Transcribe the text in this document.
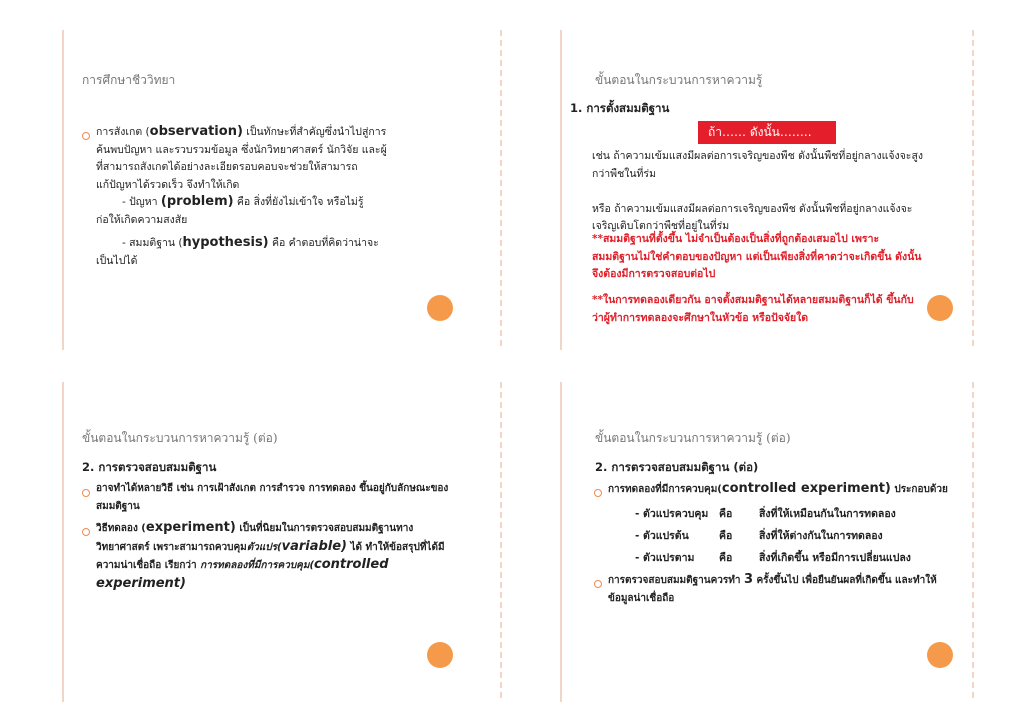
การศึกษาชีววิทยา
การสังเกต (observation) เป็นทักษะที่สำคัญซึ่งนำไปสู่การ
ค้นพบปัญหา และรวบรวมข้อมูล ซึ่งนักวิทยาศาสตร์ นักวิจัย และผู้
ที่สามารถสังเกตได้อย่างละเอียดรอบคอบจะช่วยให้สามารถ
แก้ปัญหาได้รวดเร็ว จึงทำให้เกิด
- ปัญหา (problem) คือ สิ่งที่ยังไม่เข้าใจ หรือไม่รู้
ก่อให้เกิดความสงสัย
- สมมติฐาน (hypothesis) คือ คำตอบที่คิดว่าน่าจะ
เป็นไปได้
ขั้นตอนในกระบวนการหาความรู้
1. การตั้งสมมติฐาน
ถ้า…… ดังนั้น……..
เช่น ถ้าความเข้มแสงมีผลต่อการเจริญของพืช ดังนั้นพืชที่อยู่กลางแจ้งจะสูง
กว่าพืชในที่ร่ม

หรือ ถ้าความเข้มแสงมีผลต่อการเจริญของพืช ดังนั้นพืชที่อยู่กลางแจ้งจะ
เจริญเติบโตกว่าพืชที่อยู่ในที่ร่ม
**สมมติฐานที่ตั้งขึ้น ไม่จำเป็นต้องเป็นสิ่งที่ถูกต้องเสมอไป เพราะ
สมมติฐานไม่ใช่คำตอบของปัญหา แต่เป็นเพียงสิ่งที่คาดว่าจะเกิดขึ้น ดังนั้น
จึงต้องมีการตรวจสอบต่อไป
**ในการทดลองเดียวกัน อาจตั้งสมมติฐานได้หลายสมมติฐานก็ได้ ขึ้นกับ
ว่าผู้ทำการทดลองจะศึกษาในหัวข้อ หรือปัจจัยใด
ขั้นตอนในกระบวนการหาความรู้ (ต่อ)
2. การตรวจสอบสมมติฐาน
อาจทำได้หลายวิธี เช่น การเฝ้าสังเกต การสำรวจ การทดลอง ขึ้นอยู่กับลักษณะของ
สมมติฐาน
วิธีทดลอง (experiment) เป็นที่นิยมในการตรวจสอบสมมติฐานทาง
วิทยาศาสตร์ เพราะสามารถควบคุมตัวแปร(variable) ได้ ทำให้ข้อสรุปที่ได้มี
ความน่าเชื่อถือ เรียกว่า การทดลองที่มีการควบคุม(controlled
experiment)
ขั้นตอนในกระบวนการหาความรู้ (ต่อ)
2. การตรวจสอบสมมติฐาน (ต่อ)
การทดลองที่มีการควบคุม(controlled experiment) ประกอบด้วย
- ตัวแปรควบคุม คือ	สิ่งที่ให้เหมือนกันในการทดลอง
- ตัวแปรต้น	คือ	สิ่งที่ให้ต่างกันในการทดลอง
- ตัวแปรตาม คือ	สิ่งที่เกิดขึ้น หรือมีการเปลี่ยนแปลง
การตรวจสอบสมมติฐานควรทำ 3 ครั้งขึ้นไป เพื่อยืนยันผลที่เกิดขึ้น และทำให้
ข้อมูลน่าเชื่อถือ
